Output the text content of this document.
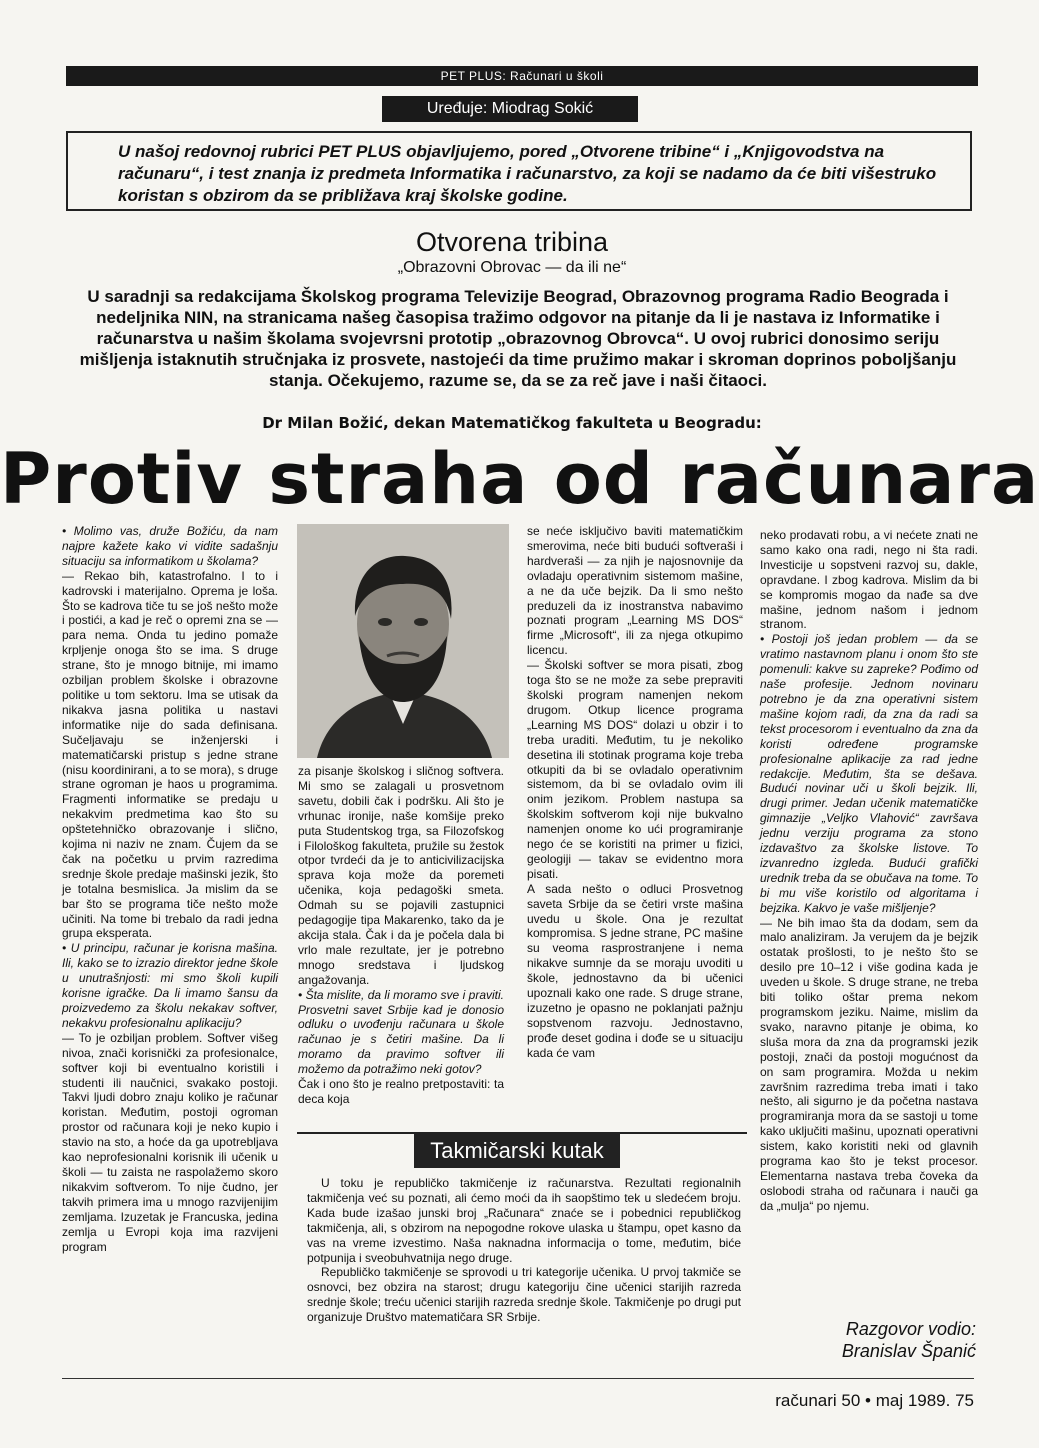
PET PLUS: Računari u školi
Uređuje: Miodrag Sokić
U našoj redovnoj rubrici PET PLUS objavljujemo, pored „Otvorene tribine“ i „Knjigovodstva na računaru“, i test znanja iz predmeta Informatika i računarstvo, za koji se nadamo da će biti višestruko koristan s obzirom da se približava kraj školske godine.
Otvorena tribina
„Obrazovni Obrovac — da ili ne“
U saradnji sa redakcijama Školskog programa Televizije Beograd, Obrazovnog programa Radio Beograda i nedeljnika NIN, na stranicama našeg časopisa tražimo odgovor na pitanje da li je nastava iz Informatike i računarstva u našim školama svojevrsni prototip „obrazovnog Obrovca“. U ovoj rubrici donosimo seriju mišljenja istaknutih stručnjaka iz prosvete, nastojeći da time pružimo makar i skroman doprinos poboljšanju stanja. Očekujemo, razume se, da se za reč jave i naši čitaoci.
Dr Milan Božić, dekan Matematičkog fakulteta u Beogradu:
Protiv straha od računara

• Molimo vas, druže Božiću, da nam najpre kažete kako vi vidite sadašnju situaciju sa informatikom u školama?

— Rekao bih, katastrofalno. I to i kadrovski i materijalno. Oprema je loša. Što se kadrova tiče tu se još nešto može i postići, a kad je reč o opremi zna se — para nema. Onda tu jedino pomaže krpljenje onoga što se ima. S druge strane, što je mnogo bitnije, mi imamo ozbiljan problem školske i obrazovne politike u tom sektoru. Ima se utisak da nikakva jasna politika u nastavi informatike nije do sada definisana. Sučeljavaju se inženjerski i matematičarski pristup s jedne strane (nisu koordinirani, a to se mora), s druge strane ogroman je haos u programima. Fragmenti informatike se predaju u nekakvim predmetima kao što su opštetehničko obrazovanje i slično, kojima ni naziv ne znam. Čujem da se čak na početku u prvim razredima srednje škole predaje mašinski jezik, što je totalna besmislica. Ja mislim da se bar što se programa tiče nešto može učiniti. Na tome bi trebalo da radi jedna grupa eksperata.

• U principu, računar je korisna mašina. Ili, kako se to izrazio direktor jedne škole u unutrašnjosti: mi smo školi kupili korisne igračke. Da li imamo šansu da proizvedemo za školu nekakav softver, nekakvu profesionalnu aplikaciju?

— To je ozbiljan problem. Softver višeg nivoa, znači korisnički za profesionalce, softver koji bi eventualno koristili i studenti ili naučnici, svakako postoji. Takvi ljudi dobro znaju koliko je računar koristan. Međutim, postoji ogroman prostor od računara koji je neko kupio i stavio na sto, a hoće da ga upotrebljava kao neprofesionalni korisnik ili učenik u školi — tu zaista ne raspolažemo skoro nikakvim softverom. To nije čudno, jer takvih primera ima u mnogo razvijenijim zemljama. Izuzetak je Francuska, jedina zemlja u Evropi koja ima razvijeni program

za pisanje školskog i sličnog softvera. Mi smo se zalagali u prosvetnom savetu, dobili čak i podršku. Ali što je vrhunac ironije, naše komšije preko puta Studentskog trga, sa Filozofskog i Filološkog fakulteta, pružile su žestok otpor tvrdeći da je to anticivilizacijska sprava koja može da poremeti učenika, koja pedagoški smeta. Odmah su se pojavili zastupnici pedagogije tipa Makarenko, tako da je akcija stala. Čak i da je počela dala bi vrlo male rezultate, jer je potrebno mnogo sredstava i ljudskog angažovanja.

• Šta mislite, da li moramo sve i praviti. Prosvetni savet Srbije kad je donosio odluku o uvođenju računara u škole računao je s četiri mašine. Da li moramo da pravimo softver ili možemo da potražimo neki gotov?

Čak i ono što je realno pretpostaviti: ta deca koja

se neće isključivo baviti matematičkim smerovima, neće biti budući softveraši i hardveraši — za njih je najosnovnije da ovladaju operativnim sistemom mašine, a ne da uče bejzik. Da li smo nešto preduzeli da iz inostranstva nabavimo poznati program „Learning MS DOS“ firme „Microsoft“, ili za njega otkupimo licencu.

— Školski softver se mora pisati, zbog toga što se ne može za sebe prepraviti školski program namenjen nekom drugom. Otkup licence programa „Learning MS DOS“ dolazi u obzir i to treba uraditi. Međutim, tu je nekoliko desetina ili stotinak programa koje treba otkupiti da bi se ovladalo operativnim sistemom, da bi se ovladalo ovim ili onim jezikom. Problem nastupa sa školskim softverom koji nije bukvalno namenjen onome ko ući programiranje nego će se koristiti na primer u fizici, geologiji — takav se evidentno mora pisati.

A sada nešto o odluci Prosvetnog saveta Srbije da se četiri vrste mašina uvedu u škole. Ona je rezultat kompromisa. S jedne strane, PC mašine su veoma rasprostranjene i nema nikakve sumnje da se moraju uvoditi u škole, jednostavno da bi učenici upoznali kako one rade. S druge strane, izuzetno je opasno ne poklanjati pažnju sopstvenom razvoju. Jednostavno, prođe deset godina i dođe se u situaciju kada će vam

neko prodavati robu, a vi nećete znati ne samo kako ona radi, nego ni šta radi. Investicije u sopstveni razvoj su, dakle, opravdane. I zbog kadrova. Mislim da bi se kompromis mogao da nađe sa dve mašine, jednom našom i jednom stranom.

• Postoji još jedan problem — da se vratimo nastavnom planu i onom što ste pomenuli: kakve su zapreke? Pođimo od naše profesije. Jednom novinaru potrebno je da zna operativni sistem mašine kojom radi, da zna da radi sa tekst procesorom i eventualno da zna da koristi određene programske profesionalne aplikacije za rad jedne redakcije. Međutim, šta se dešava. Budući novinar uči u školi bejzik. Ili, drugi primer. Jedan učenik matematičke gimnazije „Veljko Vlahović“ završava jednu verziju programa za stono izdavaštvo za školske listove. To izvanredno izgleda. Budući grafički urednik treba da se obučava na tome. To bi mu više koristilo od algoritama i bejzika. Kakvo je vaše mišljenje?

— Ne bih imao šta da dodam, sem da malo analiziram. Ja verujem da je bejzik ostatak prošlosti, to je nešto što se desilo pre 10–12 i više godina kada je uveden u škole. S druge strane, ne treba biti toliko oštar prema nekom programskom jeziku. Naime, mislim da svako, naravno pitanje je obima, ko sluša mora da zna da programski jezik postoji, znači da postoji mogućnost da on sam programira. Možda u nekim završnim razredima treba imati i tako nešto, ali sigurno je da početna nastava programiranja mora da se sastoji u tome kako uključiti mašinu, upoznati operativni sistem, kako koristiti neki od glavnih programa kao što je tekst procesor. Elementarna nastava treba čoveka da oslobodi straha od računara i nauči ga da „mulja“ po njemu.

Takmičarski kutak

U toku je republičko takmičenje iz računarstva. Rezultati regionalnih takmičenja već su poznati, ali ćemo moći da ih saopštimo tek u sledećem broju. Kada bude izašao junski broj „Računara“ znaće se i pobednici republičkog takmičenja, ali, s obzirom na nepogodne rokove ulaska u štampu, opet kasno da vas na vreme izvestimo. Naša naknadna informacija o tome, međutim, biće potpunija i sveobuhvatnija nego druge.

Republičko takmičenje se sprovodi u tri kategorije učenika. U prvoj takmiče se osnovci, bez obzira na starost; drugu kategoriju čine učenici starijih razreda srednje škole; treću učenici starijih razreda srednje škole. Takmičenje po drugi put organizuje Društvo matematičara SR Srbije.

Razgovor vodio:
Branislav Španić
računari 50 • maj 1989. 75
